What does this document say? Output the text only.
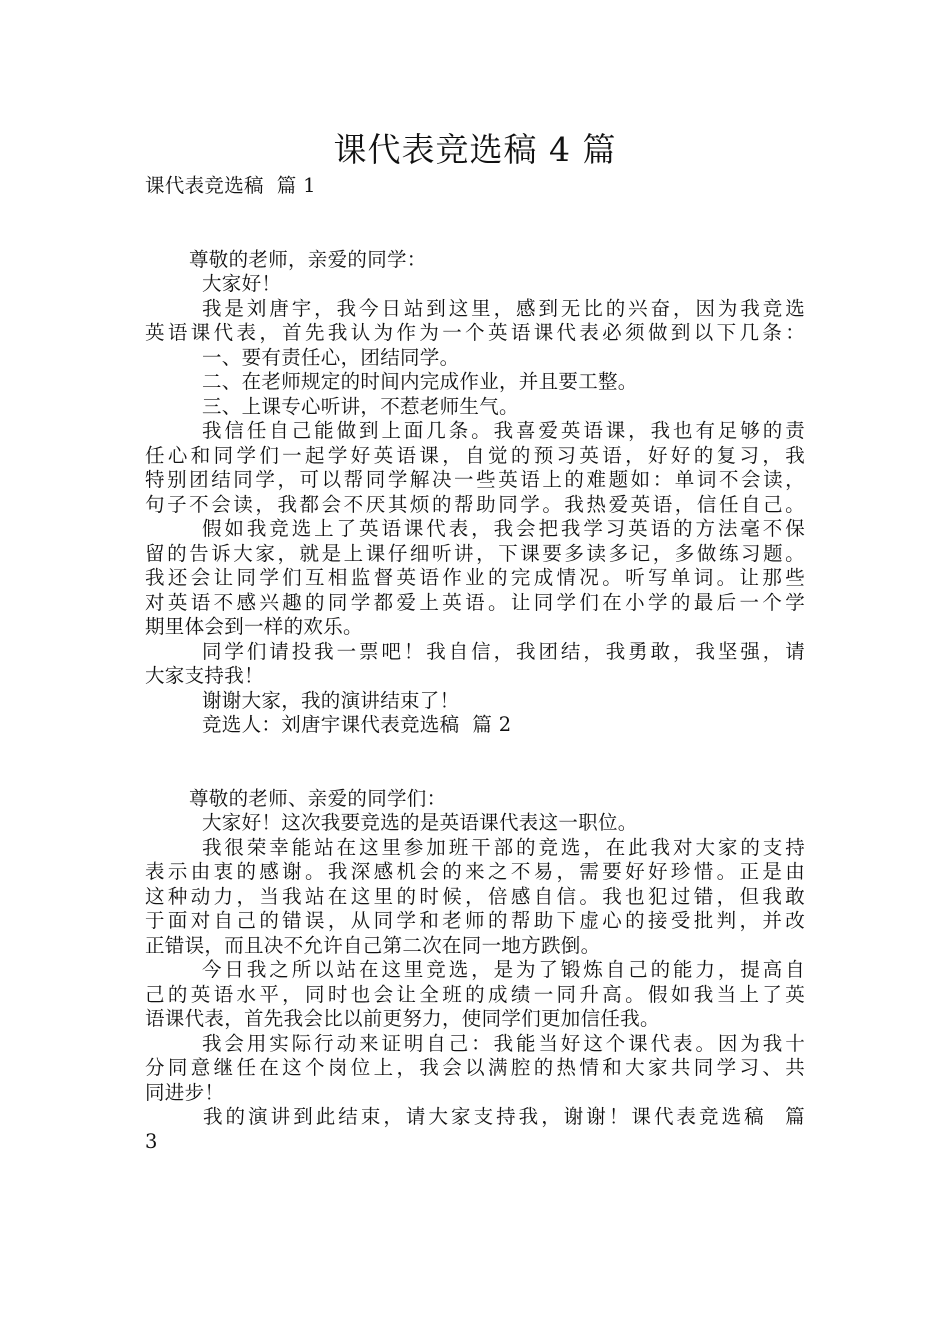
课代表竞选稿 4 篇
课代表竞选稿  篇 1
尊敬的老师，亲爱的同学：
大家好！
我是刘唐宇，我今日站到这里，感到无比的兴奋，因为我竞选
英语课代表，首先我认为作为一个英语课代表必须做到以下几条：
一、要有责任心，团结同学。
二、在老师规定的时间内完成作业，并且要工整。
三、上课专心听讲，不惹老师生气。
我信任自己能做到上面几条。我喜爱英语课，我也有足够的责
任心和同学们一起学好英语课，自觉的预习英语，好好的复习，我
特别团结同学，可以帮同学解决一些英语上的难题如：单词不会读，
句子不会读，我都会不厌其烦的帮助同学。我热爱英语，信任自己。
假如我竞选上了英语课代表，我会把我学习英语的方法毫不保
留的告诉大家，就是上课仔细听讲，下课要多读多记，多做练习题。
我还会让同学们互相监督英语作业的完成情况。听写单词。让那些
对英语不感兴趣的同学都爱上英语。让同学们在小学的最后一个学
期里体会到一样的欢乐。
同学们请投我一票吧！我自信，我团结，我勇敢，我坚强，请
大家支持我！
谢谢大家，我的演讲结束了！
竞选人：刘唐宇课代表竞选稿  篇 2
尊敬的老师、亲爱的同学们：
大家好！这次我要竞选的是英语课代表这一职位。
我很荣幸能站在这里参加班干部的竞选，在此我对大家的支持
表示由衷的感谢。我深感机会的来之不易，需要好好珍惜。正是由
这种动力，当我站在这里的时候，倍感自信。我也犯过错，但我敢
于面对自己的错误，从同学和老师的帮助下虚心的接受批判，并改
正错误，而且决不允许自己第二次在同一地方跌倒。
今日我之所以站在这里竞选，是为了锻炼自己的能力，提高自
己的英语水平，同时也会让全班的成绩一同升高。假如我当上了英
语课代表，首先我会比以前更努力，使同学们更加信任我。
我会用实际行动来证明自己：我能当好这个课代表。因为我十
分同意继任在这个岗位上，我会以满腔的热情和大家共同学习、共
同进步！
我的演讲到此结束，请大家支持我，谢谢！课代表竞选稿  篇
3
